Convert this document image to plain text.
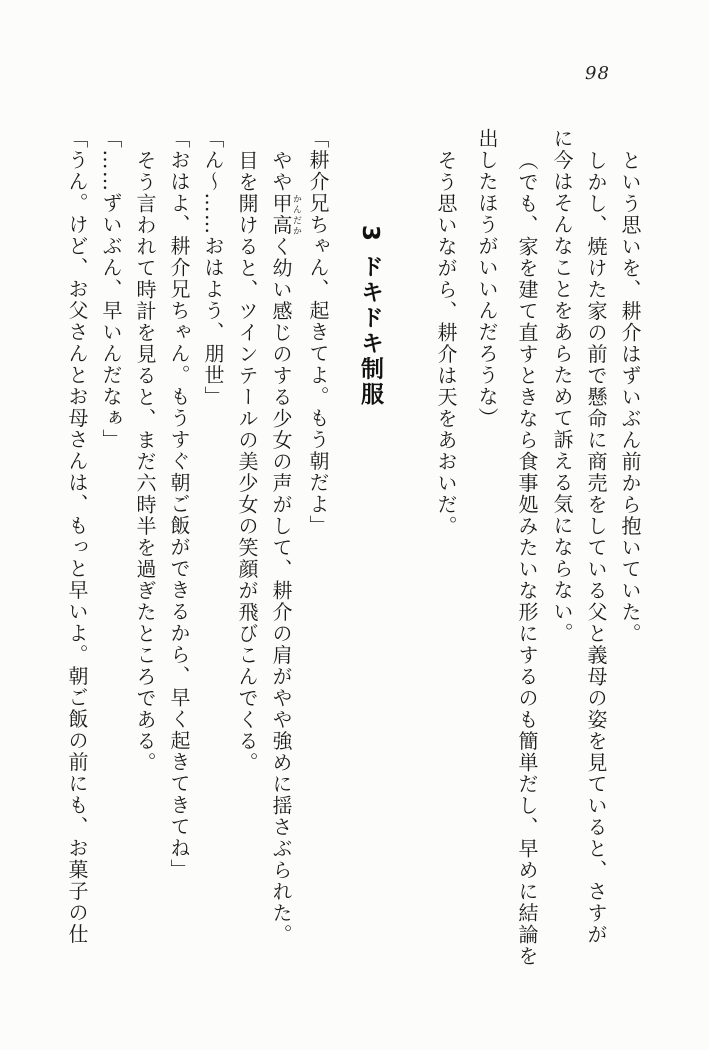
98

という思いを、耕介はずいぶん前から抱いていた。

しかし、焼けた家の前で懸命に商売をしている父と義母の姿を見ていると、さすが

に今はそんなことをあらためて訴える気にならない。

（でも、家を建て直すときなら食事処みたいな形にするのも簡単だし、早めに結論を

出したほうがいいんだろうな）

そう思いながら、耕介は天をあおいだ。

3 ドキドキ制服

「耕介兄ちゃん、起きてよ。もう朝だよ」

やや甲高かんだかく幼い感じのする少女の声がして、耕介の肩がやや強めに揺さぶられた。

目を開けると、ツインテールの美少女の笑顔が飛びこんでくる。

「ん〜……おはよう、朋世」

「おはよ、耕介兄ちゃん。もうすぐ朝ご飯ができるから、早く起きてきてね」

そう言われて時計を見ると、まだ六時半を過ぎたところである。

「……ずいぶん、早いんだなぁ」

「うん。けど、お父さんとお母さんは、もっと早いよ。朝ご飯の前にも、お菓子の仕
